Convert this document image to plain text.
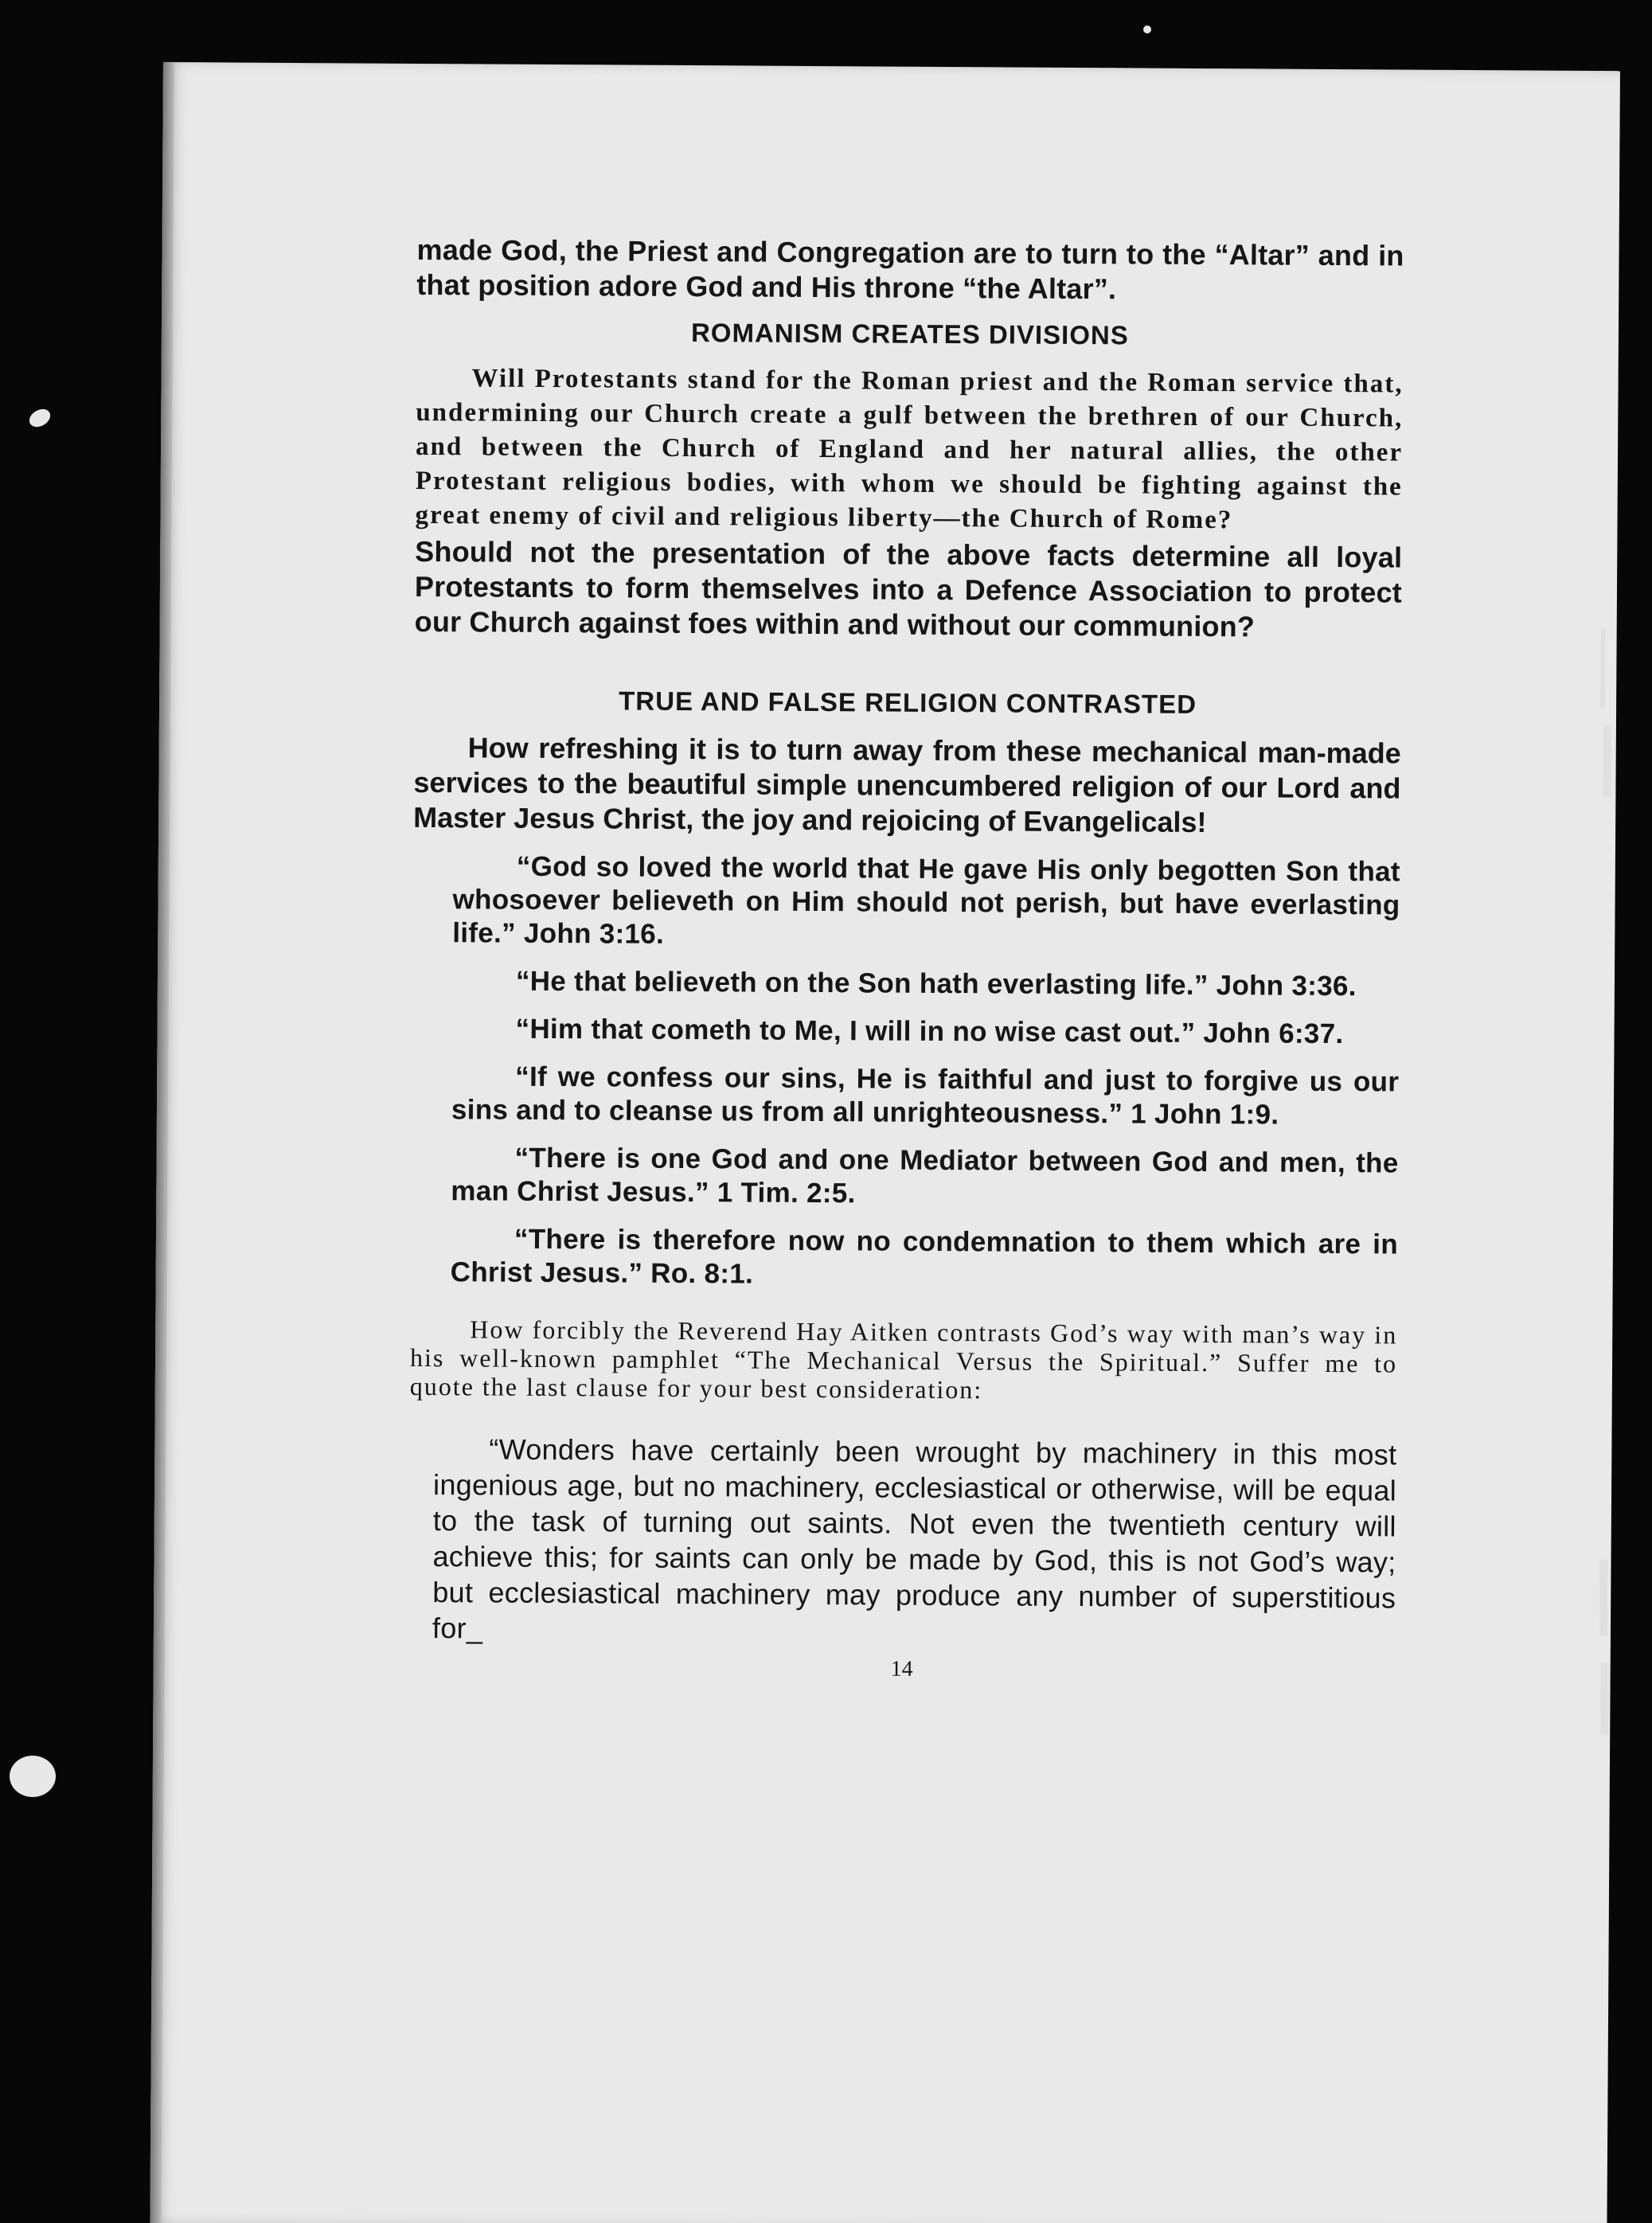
made God, the Priest and Congregation are to turn to the “Altar” and in that position adore God and His throne “the Altar”.

ROMANISM CREATES DIVISIONS

Will Protestants stand for the Roman priest and the Roman service that, undermining our Church create a gulf between the brethren of our Church, and between the Church of England and her natural allies, the other Protestant religious bodies, with whom we should be fighting against the great enemy of civil and religious liberty—the Church of Rome?

Should not the presentation of the above facts determine all loyal Protestants to form themselves into a Defence Association to protect our Church against foes within and without our communion?

TRUE AND FALSE RELIGION CONTRASTED

How refreshing it is to turn away from these mechanical man-made services to the beautiful simple unencumbered religion of our Lord and Master Jesus Christ, the joy and rejoicing of Evangelicals!

“God so loved the world that He gave His only begotten Son that whosoever believeth on Him should not perish, but have everlasting life.” John 3:16.

“He that believeth on the Son hath everlasting life.” John 3:36.

“Him that cometh to Me, I will in no wise cast out.” John 6:37.

“If we confess our sins, He is faithful and just to forgive us our sins and to cleanse us from all unrighteousness.” 1 John 1:9.

“There is one God and one Mediator between God and men, the man Christ Jesus.” 1 Tim. 2:5.

“There is therefore now no condemnation to them which are in Christ Jesus.” Ro. 8:1.

How forcibly the Reverend Hay Aitken contrasts God’s way with man’s way in his well-known pamphlet “The Mechanical Versus the Spiritual.” Suffer me to quote the last clause for your best consideration:

“Wonders have certainly been wrought by machinery in this most ingenious age, but no machinery, ecclesiastical or otherwise, will be equal to the task of turning out saints. Not even the twentieth century will achieve this; for saints can only be made by God, this is not God’s way; but ecclesiastical machinery may produce any number of superstitious for_

14
